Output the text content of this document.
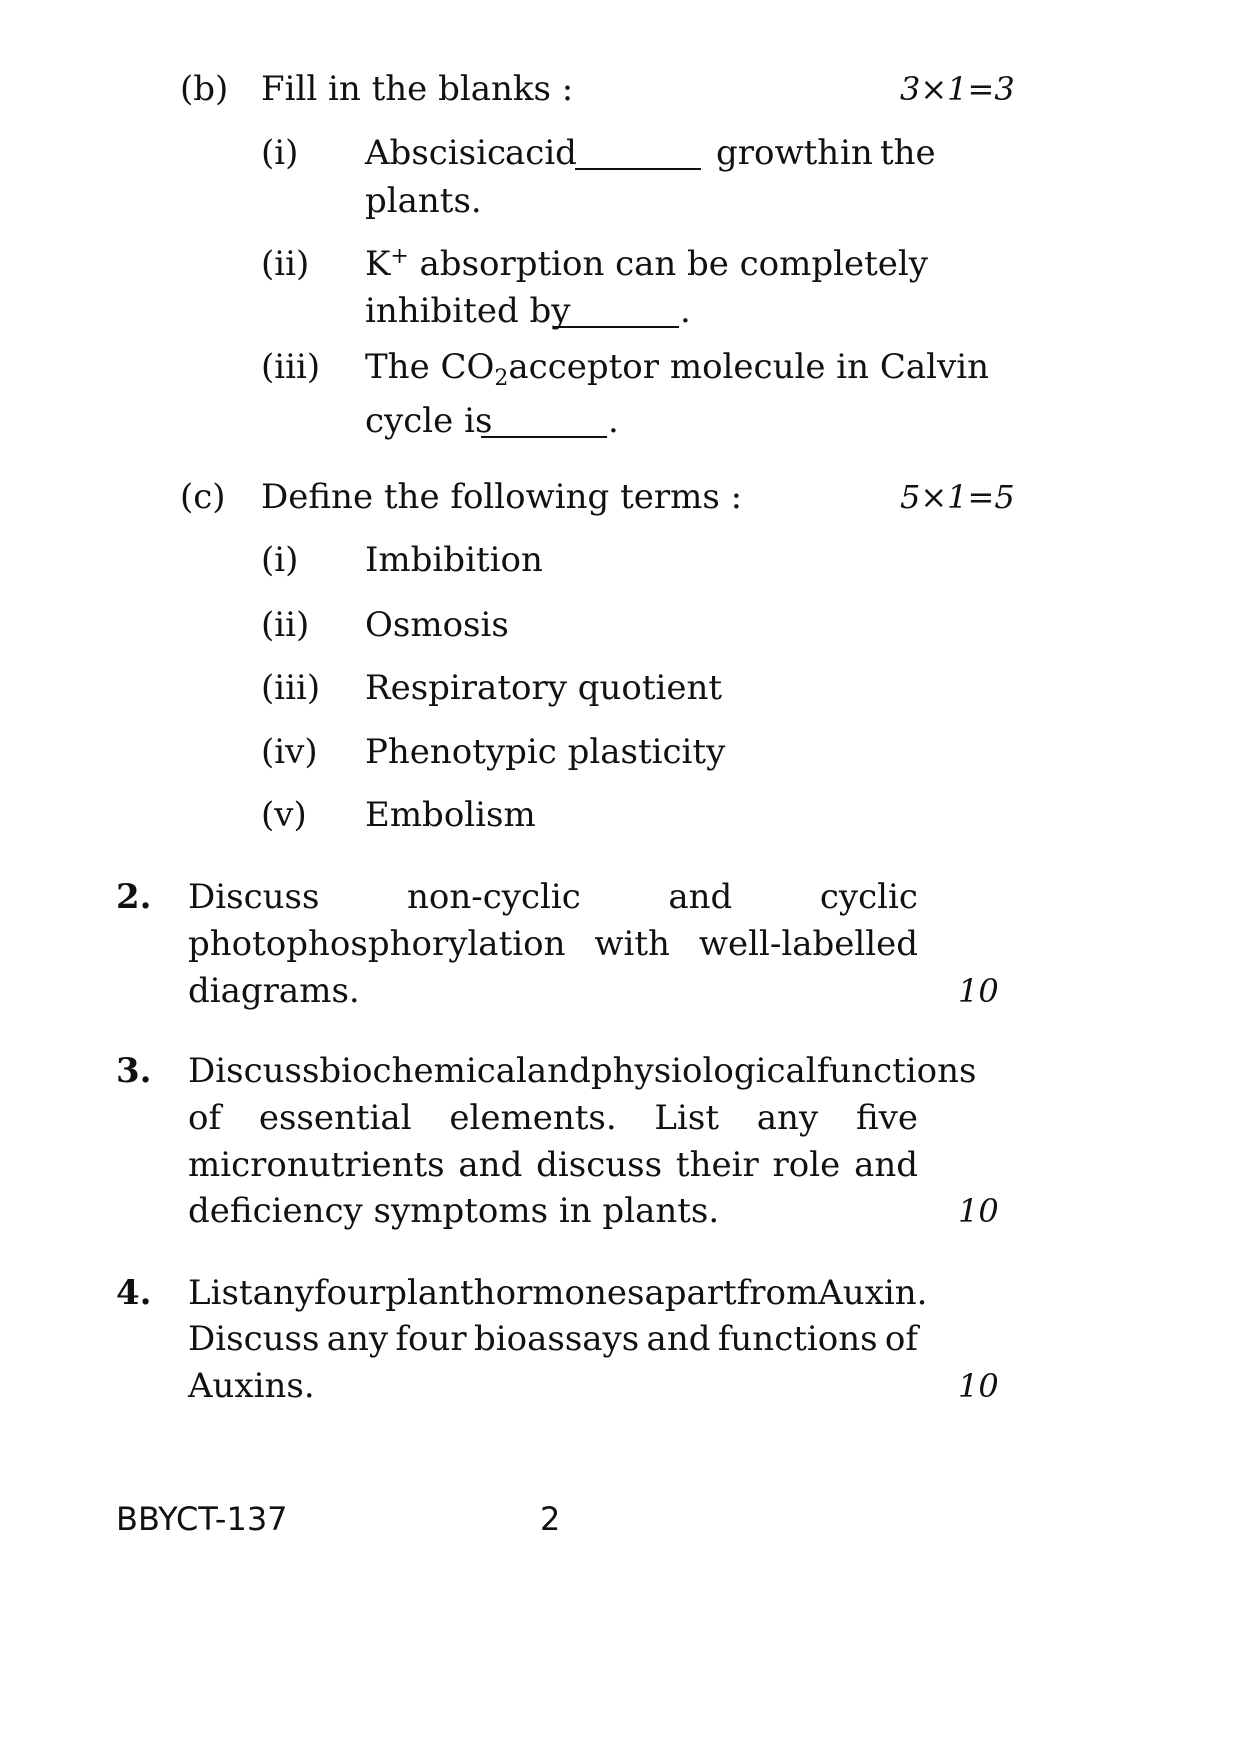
(b) Fill in the blanks :	3×1=3
(i) Abscisic
acid	growth in the
plants.
(ii) K+ absorption can be completely
inhibited by	.
(iii) The $CO_2$ acceptor molecule in Calvin
cycle is	.
(c) Define the following terms :	5×1=5
(i) Imbibition
(ii) Osmosis
(iii) Respiratory quotient
(iv) Phenotypic plasticity
(v) Embolism
2. Discuss	non-cyclic	and	cyclic
photophosphorylation with well-labelled
diagrams.	10
3. Discuss biochemical and physiological functions
of essential elements. List any five
micronutrients and discuss their role and
deficiency symptoms in plants.	10
4. List any four plant hormones apart from Auxin.
Discuss any four bioassays and functions of
Auxins.	10
BBYCT-137	2
